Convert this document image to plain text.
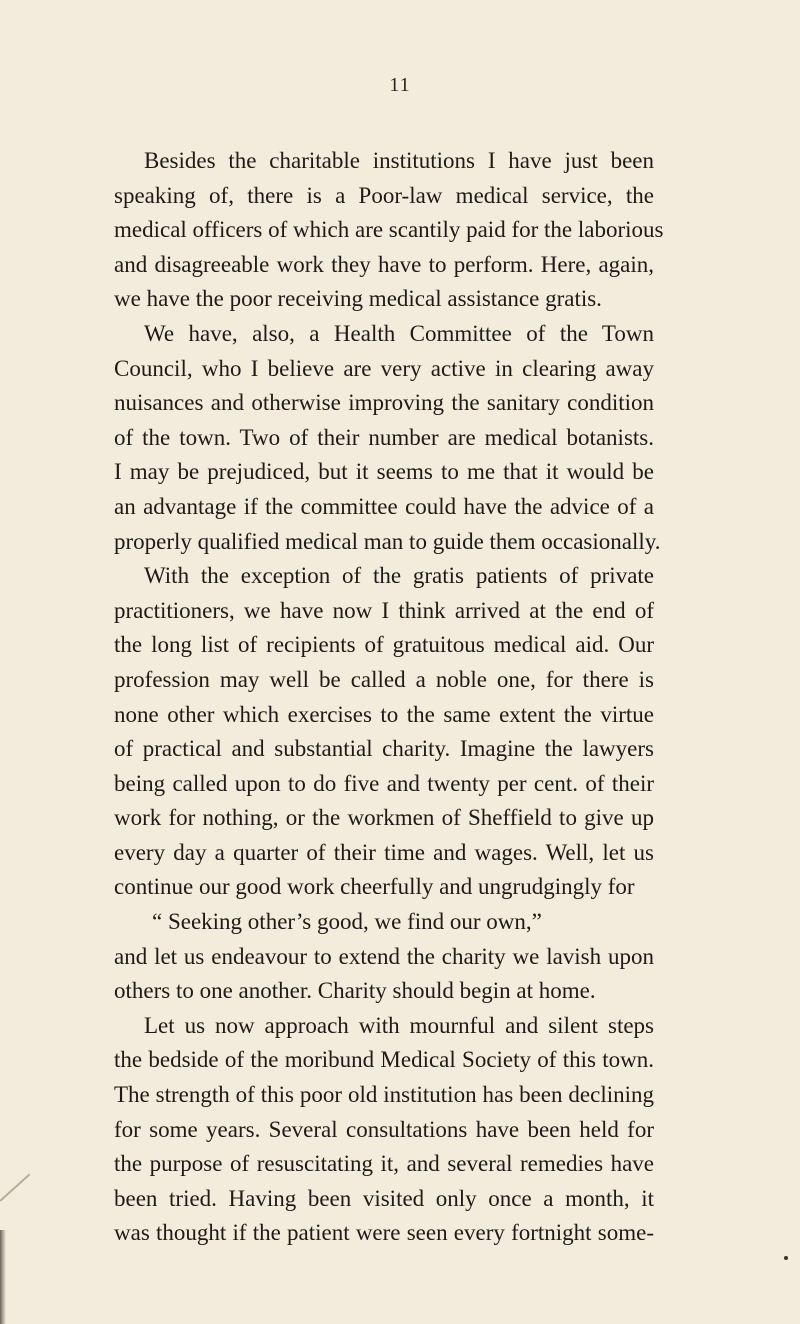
11
Besides the charitable institutions I have just been
speaking of, there is a Poor-law medical service, the
medical officers of which are scantily paid for the laborious
and disagreeable work they have to perform. Here, again,
we have the poor receiving medical assistance gratis.
We have, also, a Health Committee of the Town
Council, who I believe are very active in clearing away
nuisances and otherwise improving the sanitary condition
of the town. Two of their number are medical botanists.
I may be prejudiced, but it seems to me that it would be
an advantage if the committee could have the advice of a
properly qualified medical man to guide them occasionally.
With the exception of the gratis patients of private
practitioners, we have now I think arrived at the end of
the long list of recipients of gratuitous medical aid. Our
profession may well be called a noble one, for there is
none other which exercises to the same extent the virtue
of practical and substantial charity. Imagine the lawyers
being called upon to do five and twenty per cent. of their
work for nothing, or the workmen of Sheffield to give up
every day a quarter of their time and wages. Well, let us
continue our good work cheerfully and ungrudgingly for
“ Seeking other’s good, we find our own,”
and let us endeavour to extend the charity we lavish upon
others to one another. Charity should begin at home.
Let us now approach with mournful and silent steps
the bedside of the moribund Medical Society of this town.
The strength of this poor old institution has been declining
for some years. Several consultations have been held for
the purpose of resuscitating it, and several remedies have
been tried. Having been visited only once a month, it
was thought if the patient were seen every fortnight some-
